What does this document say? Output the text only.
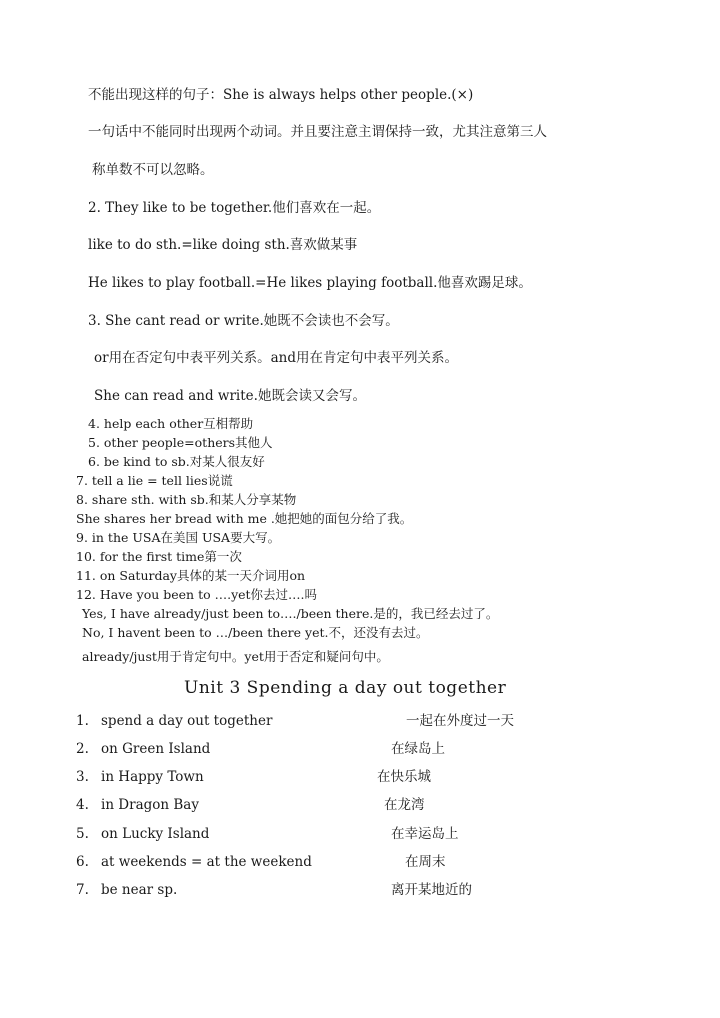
不能出现这样的句子：She is always helps other people.(×)
一句话中不能同时出现两个动词。并且要注意主谓保持一致，尤其注意第三人
称单数不可以忽略。
2. They like to be together.他们喜欢在一起。
like to do sth.=like doing sth.喜欢做某事
He likes to play football.=He likes playing football.他喜欢踢足球。
3. She cant read or write.她既不会读也不会写。
or用在否定句中表平列关系。and用在肯定句中表平列关系。
She can read and write.她既会读又会写。
4. help each other互相帮助
5. other people=others其他人
6. be kind to sb.对某人很友好
7. tell a lie = tell lies说谎
8. share sth. with sb.和某人分享某物
She shares her bread with me .她把她的面包分给了我。
9. in the USA在美国 USA要大写。
10. for the first time第一次
11. on Saturday具体的某一天介词用on
12. Have you been to ….yet你去过….吗
Yes, I have already/just been to…./been there.是的，我已经去过了。
No, I havent been to …/been there yet.不，还没有去过。
already/just用于肯定句中。yet用于否定和疑问句中。
Unit 3 Spending a day out together
1. spend a day out together	一起在外度过一天
2. on Green Island	在绿岛上
3. in Happy Town	在快乐城
4. in Dragon Bay	在龙湾
5. on Lucky Island	在幸运岛上
6. at weekends = at the weekend	在周末
7. be near sp.	离开某地近的
